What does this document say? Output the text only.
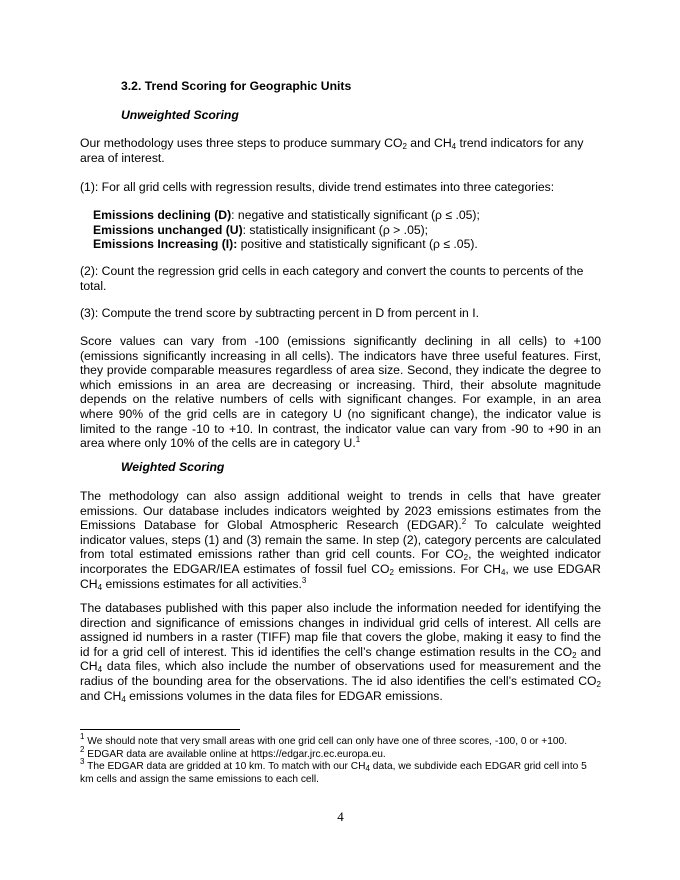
3.2. Trend Scoring for Geographic Units
Unweighted Scoring
Our methodology uses three steps to produce summary $CO_2$ and $CH_4$ trend indicators for any area of interest.
(1): For all grid cells with regression results, divide trend estimates into three categories:
Emissions declining (D): negative and statistically significant (ρ ≤ .05);
Emissions unchanged (U): statistically insignificant (ρ > .05);
Emissions Increasing (I): positive and statistically significant (ρ ≤ .05).
(2): Count the regression grid cells in each category and convert the counts to percents of the total.
(3): Compute the trend score by subtracting percent in D from percent in I.
Score values can vary from -100 (emissions significantly declining in all cells) to +100 (emissions significantly increasing in all cells). The indicators have three useful features. First, they provide comparable measures regardless of area size. Second, they indicate the degree to which emissions in an area are decreasing or increasing. Third, their absolute magnitude depends on the relative numbers of cells with significant changes. For example, in an area where 90% of the grid cells are in category U (no significant change), the indicator value is limited to the range -10 to +10. In contrast, the indicator value can vary from -90 to +90 in an area where only 10% of the cells are in category U.$^1$
Weighted Scoring
The methodology can also assign additional weight to trends in cells that have greater emissions. Our database includes indicators weighted by 2023 emissions estimates from the Emissions Database for Global Atmospheric Research (EDGAR).$^2$ To calculate weighted indicator values, steps (1) and (3) remain the same. In step (2), category percents are calculated from total estimated emissions rather than grid cell counts. For $CO_2$, the weighted indicator incorporates the EDGAR/IEA estimates of fossil fuel $CO_2$ emissions. For $CH_4$, we use EDGAR $CH_4$ emissions estimates for all activities.$^3$
The databases published with this paper also include the information needed for identifying the direction and significance of emissions changes in individual grid cells of interest. All cells are assigned id numbers in a raster (TIFF) map file that covers the globe, making it easy to find the id for a grid cell of interest. This id identifies the cell’s change estimation results in the $CO_2$ and $CH_4$ data files, which also include the number of observations used for measurement and the radius of the bounding area for the observations. The id also identifies the cell’s estimated $CO_2$ and $CH_4$ emissions volumes in the data files for EDGAR emissions.
$^1$ We should note that very small areas with one grid cell can only have one of three scores, -100, 0 or +100.
$^2$ EDGAR data are available online at https://edgar.jrc.ec.europa.eu.
$^3$ The EDGAR data are gridded at 10 km. To match with our $CH_4$ data, we subdivide each EDGAR grid cell into 5 km cells and assign the same emissions to each cell.
4
